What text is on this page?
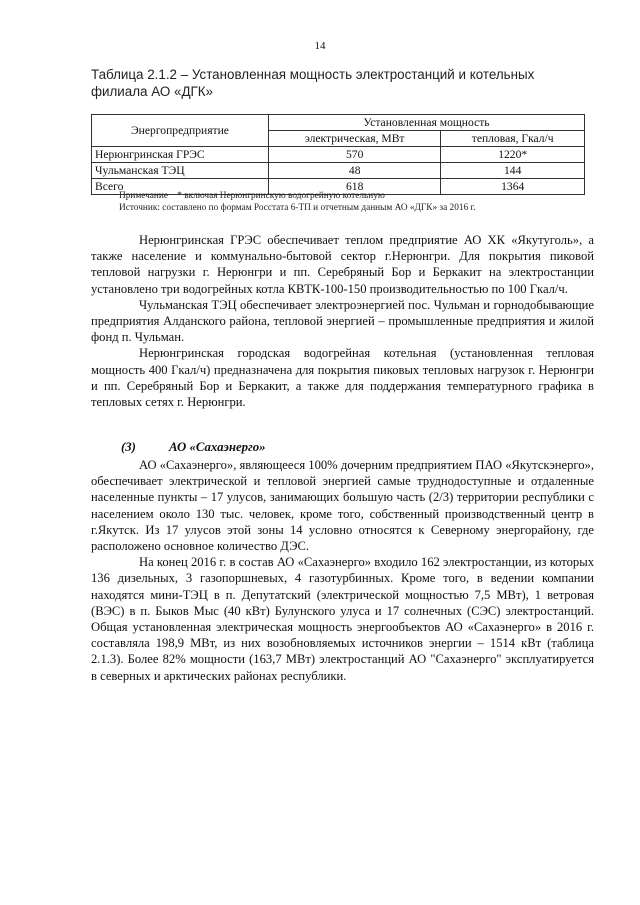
14
Таблица 2.1.2 – Установленная мощность электростанций и котельных филиала АО «ДГК»
Энергопредприятие	Установленная мощность	
	электрическая, МВт	тепловая, Гкал/ч
Нерюнгринская ГРЭС	570	1220*
Чульманская ТЭЦ	48	144
Всего	618	1364
Примечание    * включая Нерюнгринскую водогрейную котельную
Источник: составлено по формам Росстата 6-ТП и отчетным данным АО «ДГК» за 2016 г.

Нерюнгринская ГРЭС обеспечивает теплом предприятие АО ХК «Якутуголь», а также население и коммунально-бытовой сектор г.Нерюнгри. Для покрытия пиковой тепловой нагрузки г. Нерюнгри и пп. Серебряный Бор и Беркакит на электростанции установлено три водогрейных котла КВТК-100-150 производительностью по 100 Гкал/ч.

Чульманская ТЭЦ обеспечивает электроэнергией пос. Чульман и горнодобывающие предприятия Алданского района, тепловой энергией – промышленные предприятия и жилой фонд п. Чульман.

Нерюнгринская городская водогрейная котельная (установленная тепловая мощность 400 Гкал/ч) предназначена для покрытия пиковых тепловых нагрузок г. Нерюнгри и пп. Серебряный Бор и Беркакит, а также для поддержания температурного графика в тепловых сетях г. Нерюнгри.

(3)	АО «Сахаэнерго»

АО «Сахаэнерго», являющееся 100% дочерним предприятием ПАО «Якутскэнерго», обеспечивает электрической и тепловой энергией самые труднодоступные и отдаленные населенные пункты – 17 улусов, занимающих большую часть (2/3) территории республики с населением около 130 тыс. человек, кроме того, собственный производственный центр в г.Якутск. Из 17 улусов этой зоны 14 условно относятся к Северному энергорайону, где расположено основное количество ДЭС.

На конец 2016 г. в состав АО «Сахаэнерго» входило 162 электростанции, из которых 136 дизельных, 3 газопоршневых, 4 газотурбинных. Кроме того, в ведении компании находятся мини-ТЭЦ в п. Депутатский (электрической мощностью 7,5 МВт), 1 ветровая (ВЭС) в п. Быков Мыс (40 кВт) Булунского улуса и 17 солнечных (СЭС) электростанций. Общая установленная электрическая мощность энергообъектов АО «Сахаэнерго» в 2016 г. составляла 198,9 МВт, из них возобновляемых источников энергии – 1514 кВт (таблица 2.1.3). Более 82% мощности (163,7 МВт) электростанций АО "Сахаэнерго" эксплуатируется в северных и арктических районах республики.
